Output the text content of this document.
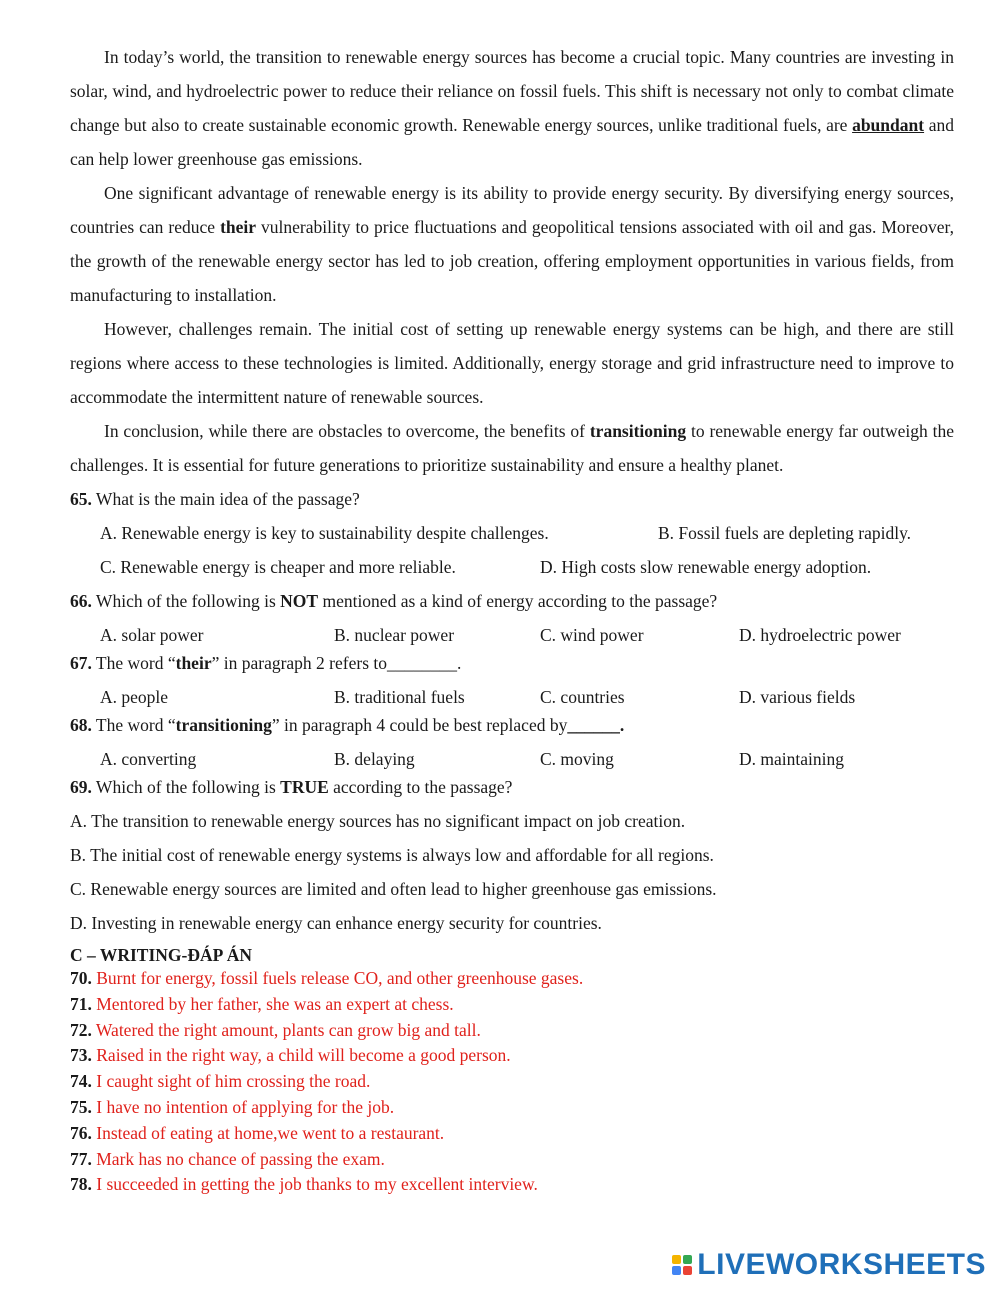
In today’s world, the transition to renewable energy sources has become a crucial topic. Many countries are investing in solar, wind, and hydroelectric power to reduce their reliance on fossil fuels. This shift is necessary not only to combat climate change but also to create sustainable economic growth. Renewable energy sources, unlike traditional fuels, are abundant and can help lower greenhouse gas emissions.

One significant advantage of renewable energy is its ability to provide energy security. By diversifying energy sources, countries can reduce their vulnerability to price fluctuations and geopolitical tensions associated with oil and gas. Moreover, the growth of the renewable energy sector has led to job creation, offering employment opportunities in various fields, from manufacturing to installation.

However, challenges remain. The initial cost of setting up renewable energy systems can be high, and there are still regions where access to these technologies is limited. Additionally, energy storage and grid infrastructure need to improve to accommodate the intermittent nature of renewable sources.

In conclusion, while there are obstacles to overcome, the benefits of transitioning to renewable energy far outweigh the challenges. It is essential for future generations to prioritize sustainability and ensure a healthy planet.

65. What is the main idea of the passage?

A. Renewable energy is key to sustainability despite challenges.	B. Fossil fuels are depleting rapidly.
C. Renewable energy is cheaper and more reliable.	D. High costs slow renewable energy adoption.

66. Which of the following is NOT mentioned as a kind of energy according to the passage?

A. solar power	B. nuclear power	C. wind power	D. hydroelectric power

67. The word “their” in paragraph 2 refers to________.

A. people	B. traditional fuels	C. countries	D. various fields

68. The word “transitioning” in paragraph 4 could be best replaced by______.

A. converting	B. delaying	C. moving	D. maintaining

69. Which of the following is TRUE according to the passage?

A. The transition to renewable energy sources has no significant impact on job creation.

B. The initial cost of renewable energy systems is always low and affordable for all regions.

C. Renewable energy sources are limited and often lead to higher greenhouse gas emissions.

D. Investing in renewable energy can enhance energy security for countries.

C – WRITING-ĐÁP ÁN

70. Burnt for energy, fossil fuels release CO, and other greenhouse gases.

71. Mentored by her father, she was an expert at chess.

72. Watered the right amount, plants can grow big and tall.

73. Raised in the right way, a child will become a good person.

74. I caught sight of him crossing the road.

75. I have no intention of applying for the job.

76. Instead of eating at home,we went to a restaurant.

77. Mark has no chance of passing the exam.

78. I succeeded in getting the job thanks to my excellent interview.

LIVEWORKSHEETS
